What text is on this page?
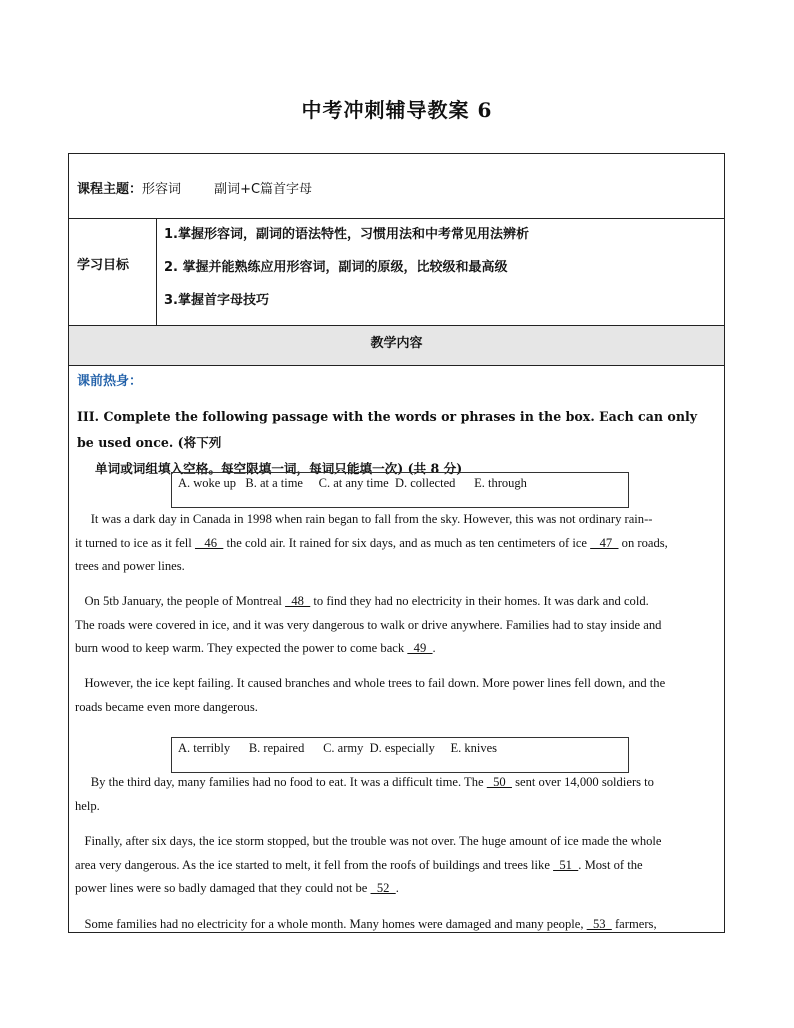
中考冲刺辅导教案 6
课程主题：形容词        副词+C篇首字母
学习目标
1.掌握形容词，副词的语法特性，习惯用法和中考常见用法辨析
2. 掌握并能熟练应用形容词，副词的原级，比较级和最高级
3.掌握首字母技巧
教学内容
课前热身：
III. Complete the following passage with the words or phrases in the box. Each can only be used once. (将下列
单词或词组填入空格。每空限填一词，每词只能填一次) (共 8 分)
A. woke up   B. at a time     C. at any time  D. collected      E. through
It was a dark day in Canada in 1998 when rain began to fall from the sky. However, this was not ordinary rain--
it turned to ice as it fell    46   the cold air. It rained for six days, and as much as ten centimeters of ice    47   on roads,
trees and power lines.
On 5tb January, the people of Montreal   48   to find they had no electricity in their homes. It was dark and cold.
The roads were covered in ice, and it was very dangerous to walk or drive anywhere. Families had to stay inside and
burn wood to keep warm. They expected the power to come back   49  .
However, the ice kept failing. It caused branches and whole trees to fail down. More power lines fell down, and the
roads became even more dangerous.
A. terribly      B. repaired      C. army  D. especially     E. knives
By the third day, many families had no food to eat. It was a difficult time. The   50   sent over 14,000 soldiers to
help.
Finally, after six days, the ice storm stopped, but the trouble was not over. The huge amount of ice made the whole
area very dangerous. As the ice started to melt, it fell from the roofs of buildings and trees like   51  . Most of the
power lines were so badly damaged that they could not be   52  .
Some families had no electricity for a whole month. Many homes were damaged and many people,   53   farmers,
